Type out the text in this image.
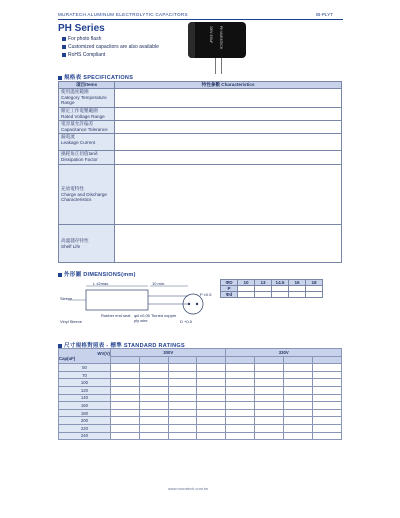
MURATECH ALUMINUM ELECTROLYTIC CAPACITORS	IB-PLYT
PH Series
For photo flash
Customized capacitors are also available
RoHS Compliant
330V 330uF
PH MURATECH
規格表 SPECIFICATIONS
項目Items	特性參數 Characteristics

使用溫度範圍
Category Temperature Range	

額定工作電壓範圍
Rated Voltage Range	

電容量允許偏差
Capacitance Tolerance	

漏電流
Leakage Current	

損耗角正切值tanδ
Dissipation Factor	

充放電特性
Charge and Discharge Characteristics	

高溫儲存特性
Shelf Life	

外形圖 DIMENSIONS(mm)
L ±2max.	10 min.
Sleeve
Vinyl Sleeve
Rubber end seal φd ±0.05 Tinned copper ply wire	D +0.5
P ±0.5
ΦD	10	13	14.5	16	18
P					
Φd					
尺寸規格對照表 - 標準 STANDARD RATINGS
WV(V)
Cap(uF)	300V				330V			

50								
70								
100								
120								
140								
160								
180								
200								
220								
240								
www.muratech.com.tw
